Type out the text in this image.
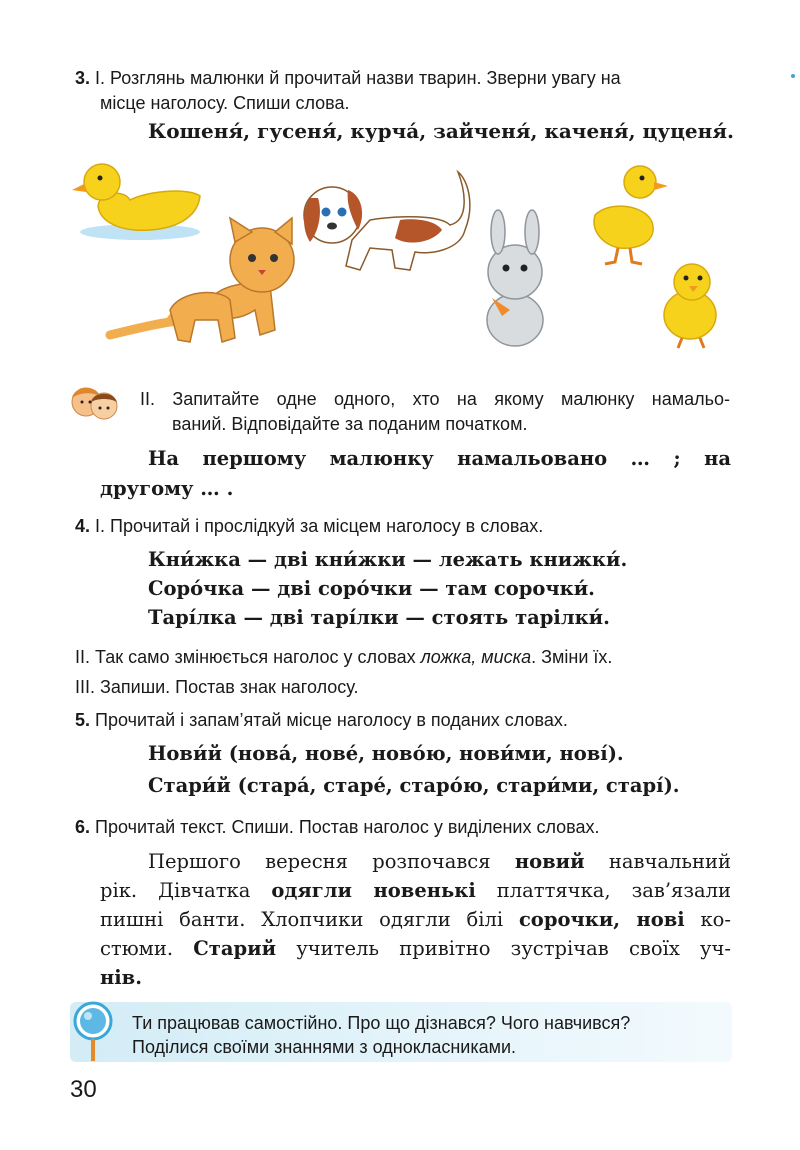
3. I. Розглянь малюнки й прочитай назви тварин. Зверни увагу на
місце наголосу. Спиши слова.
Кошеня́, гусеня́, курча́, зайченя́, каченя́, цуценя́.
II. Запитайте одне одного, хто на якому малюнку намальо-
ваний. Відповідайте за поданим початком.
На першому малюнку намальовано … ; на
другому … .
4. I. Прочитай і прослідкуй за місцем наголосу в словах.
Кни́жка — дві кни́жки — лежать книжки́.
Соро́чка — дві соро́чки — там сорочки́.
Тарі́лка — дві тарі́лки — стоять тарілки́.
II. Так само змінюється наголос у словах ложка, миска. Зміни їх.
III. Запиши. Постав знак наголосу.
5. Прочитай і запам’ятай місце наголосу в поданих словах.
Нови́й (нова́, нове́, ново́ю, нови́ми, нові́).
Стари́й (стара́, старе́, старо́ю, стари́ми, старі́).
6. Прочитай текст. Спиши. Постав наголос у виділених словах.
Першого вересня розпочався новий навчальний
рік. Дівчатка одягли новенькі платтячка, зав’язали
пишні банти. Хлопчики одягли білі сорочки, нові ко-
стюми. Старий учитель привітно зустрічав своїх уч-
нів.
Ти працював самостійно. Про що дізнався? Чого навчився?
Поділися своїми знаннями з однокласниками.
30
